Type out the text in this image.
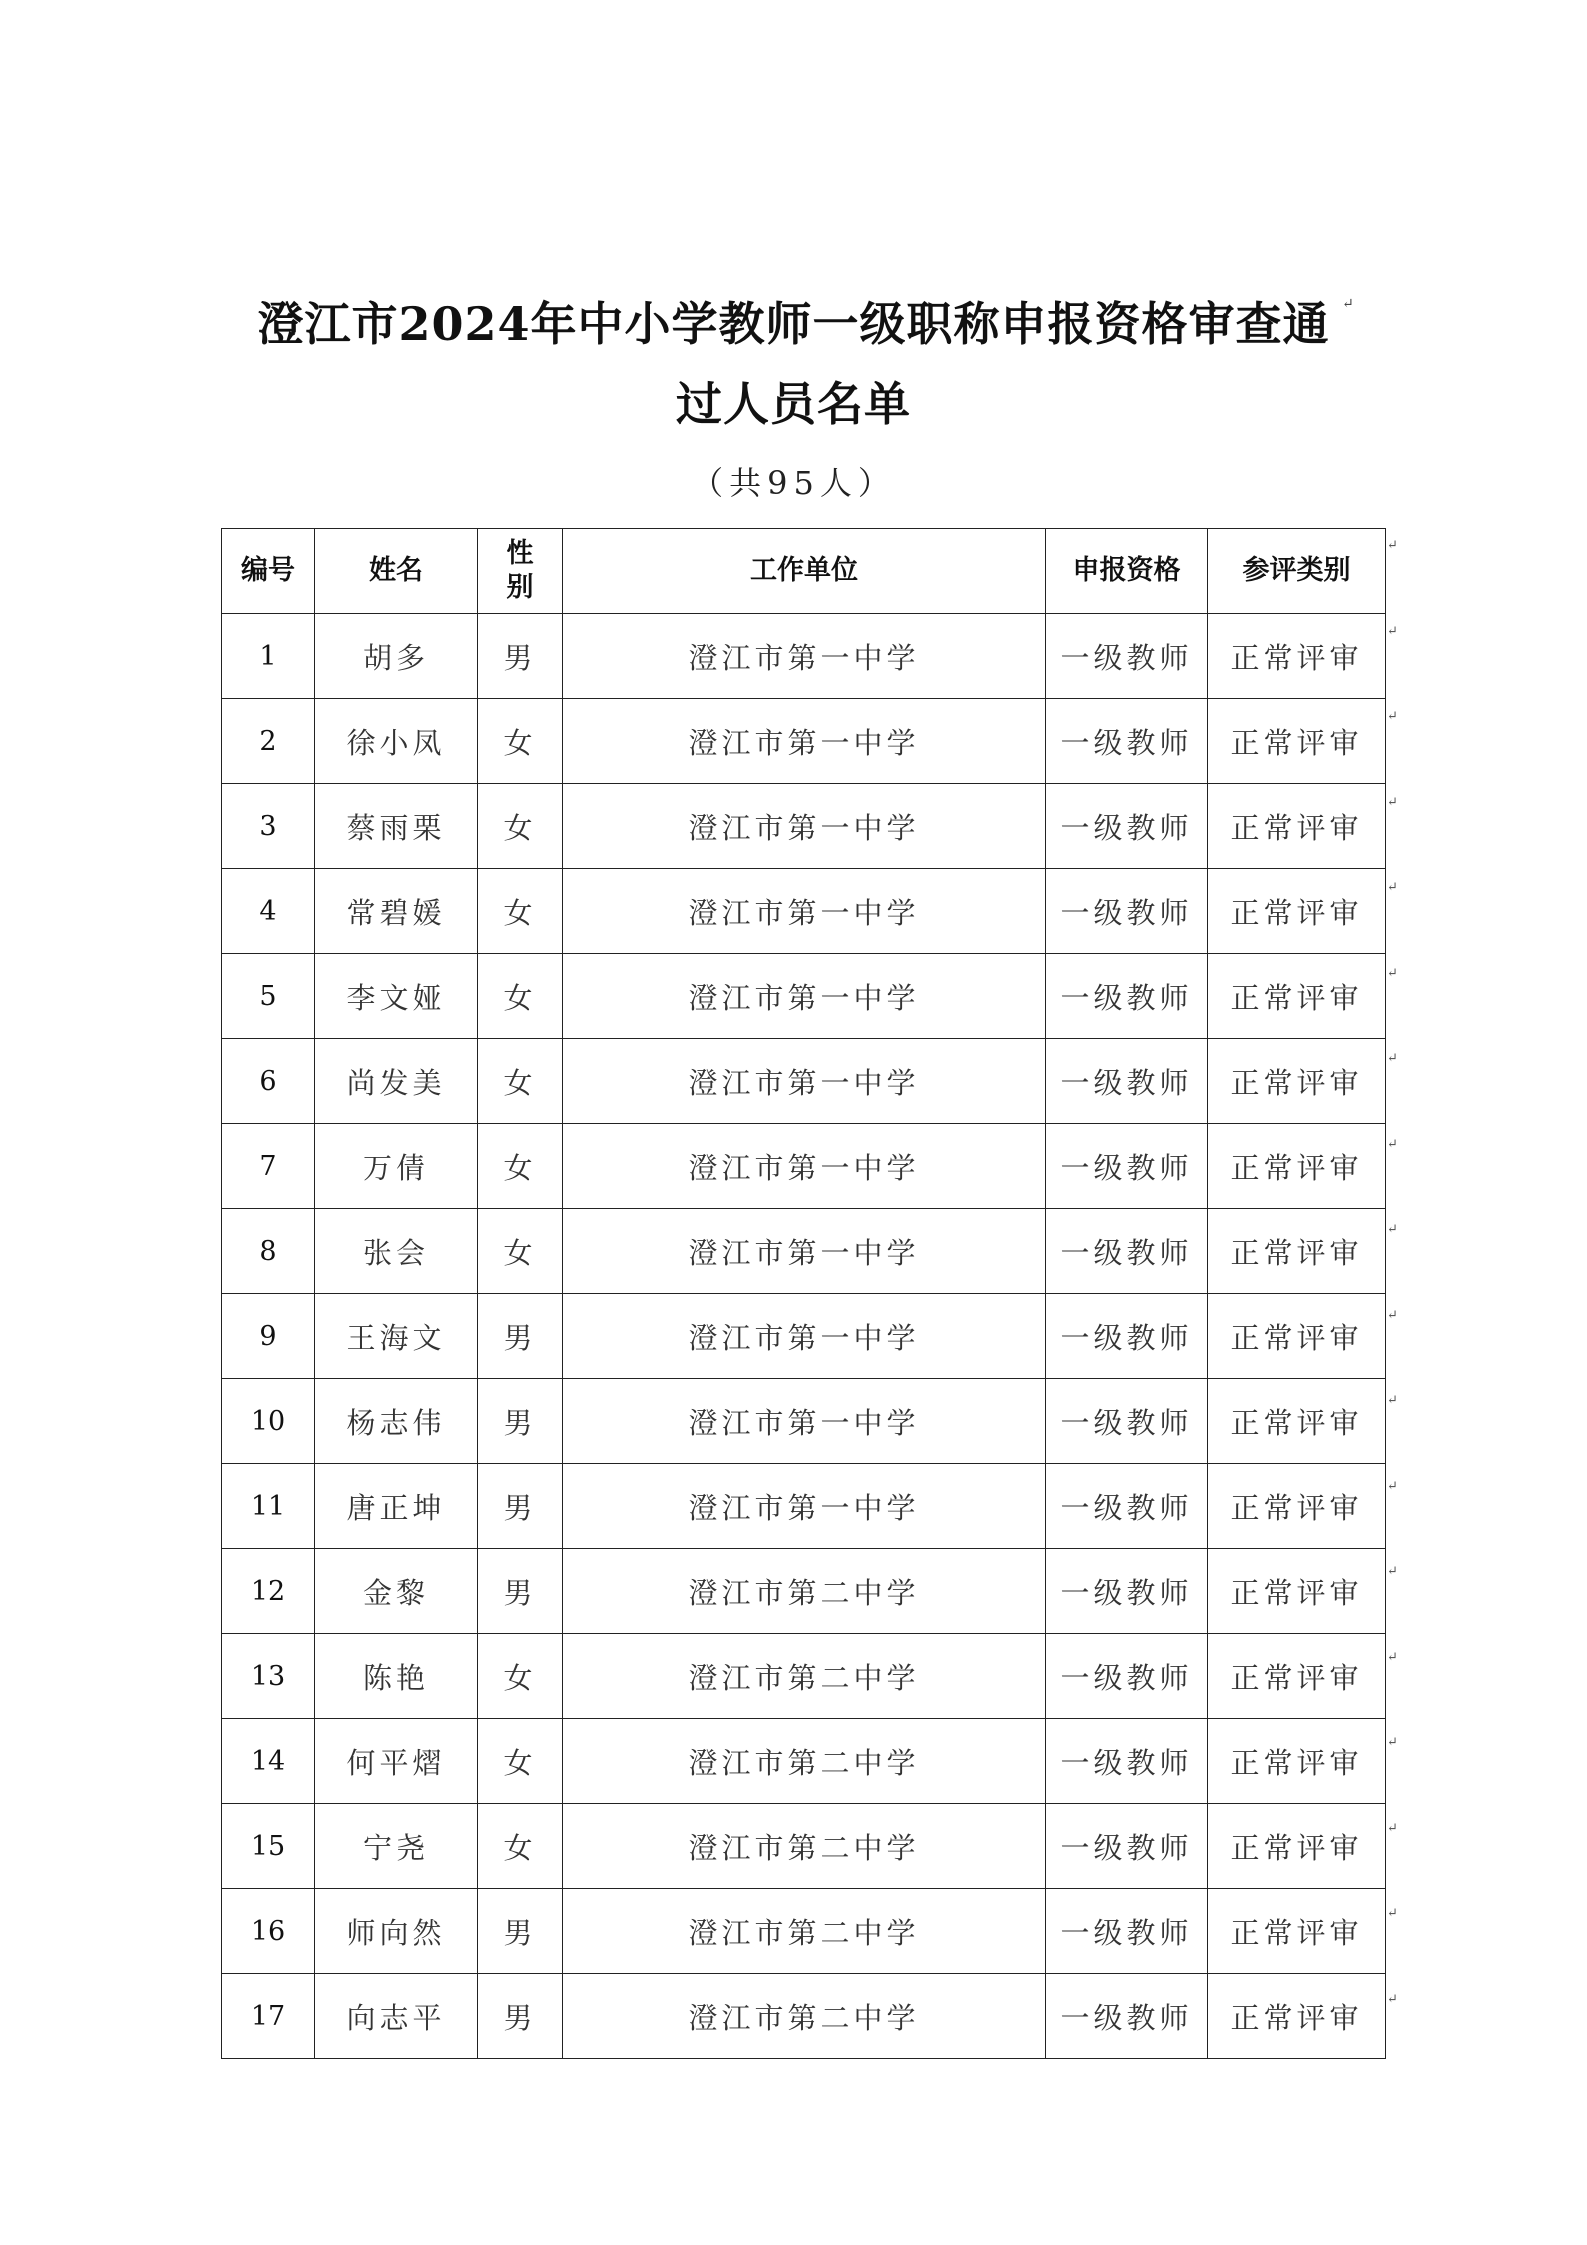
澄江市2024年中小学教师一级职称申报资格审查通 ↵
过人员名单
（共95人）
编号	姓名	性别	工作单位	申报资格	参评类别
1	胡多	男	澄江市第一中学	一级教师	正常评审
2	徐小凤	女	澄江市第一中学	一级教师	正常评审
3	蔡雨栗	女	澄江市第一中学	一级教师	正常评审
4	常碧媛	女	澄江市第一中学	一级教师	正常评审
5	李文娅	女	澄江市第一中学	一级教师	正常评审
6	尚发美	女	澄江市第一中学	一级教师	正常评审
7	万倩	女	澄江市第一中学	一级教师	正常评审
8	张会	女	澄江市第一中学	一级教师	正常评审
9	王海文	男	澄江市第一中学	一级教师	正常评审
10	杨志伟	男	澄江市第一中学	一级教师	正常评审
11	唐正坤	男	澄江市第一中学	一级教师	正常评审
12	金黎	男	澄江市第二中学	一级教师	正常评审
13	陈艳	女	澄江市第二中学	一级教师	正常评审
14	何平熠	女	澄江市第二中学	一级教师	正常评审
15	宁尧	女	澄江市第二中学	一级教师	正常评审
16	师向然	男	澄江市第二中学	一级教师	正常评审
17	向志平	男	澄江市第二中学	一级教师	正常评审
↵
↵
↵
↵
↵
↵
↵
↵
↵
↵
↵
↵
↵
↵
↵
↵
↵
↵
